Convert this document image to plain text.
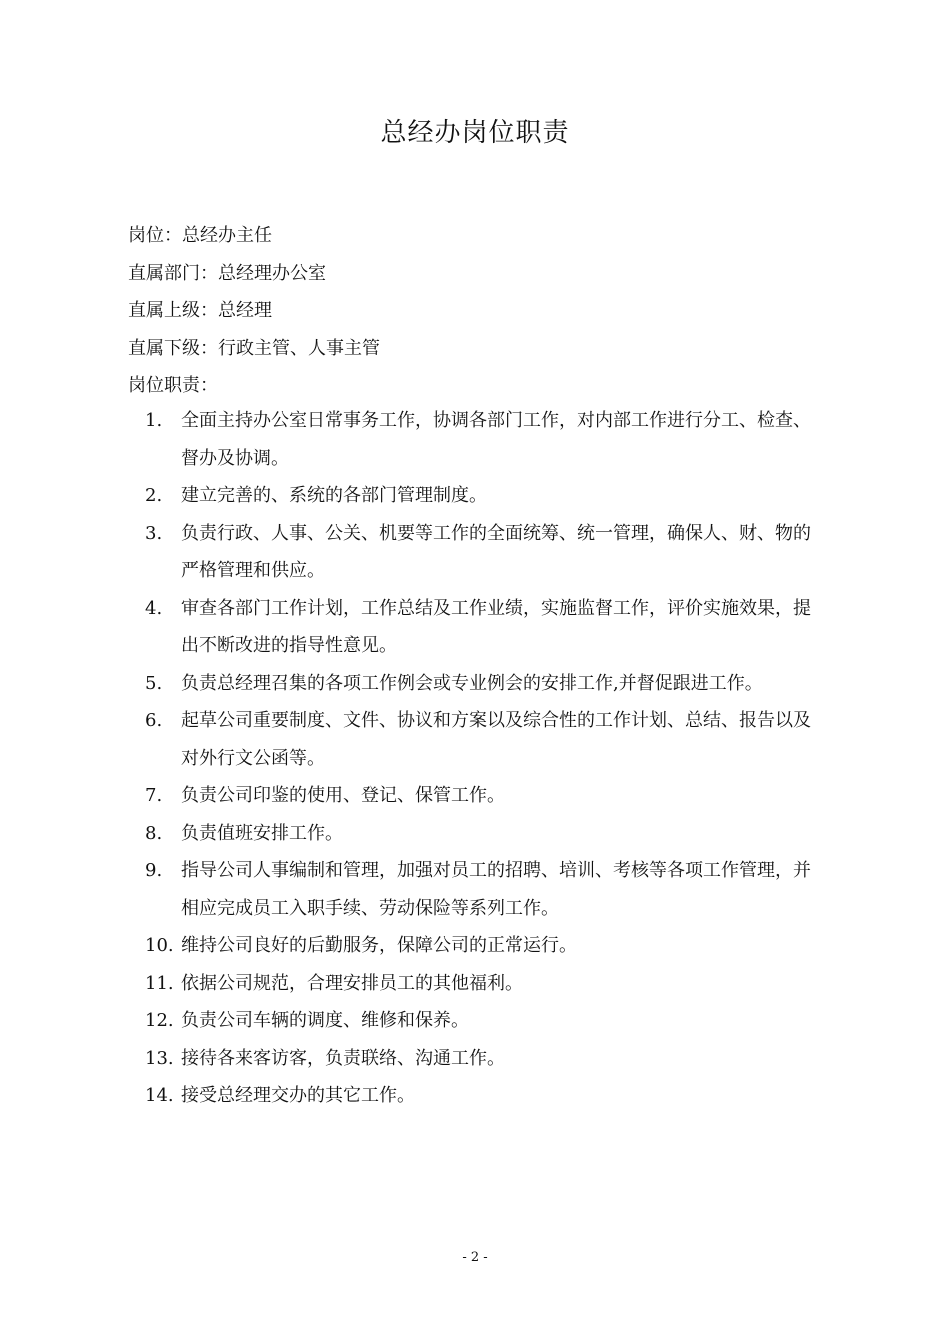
总经办岗位职责
岗位：总经办主任
直属部门：总经理办公室
直属上级：总经理
直属下级：行政主管、人事主管
岗位职责：
1. 全面主持办公室日常事务工作，协调各部门工作，对内部工作进行分工、检查、督办及协调。
2. 建立完善的、系统的各部门管理制度。
3. 负责行政、人事、公关、机要等工作的全面统筹、统一管理，确保人、财、物的严格管理和供应。
4. 审查各部门工作计划，工作总结及工作业绩，实施监督工作，评价实施效果，提出不断改进的指导性意见。
5. 负责总经理召集的各项工作例会或专业例会的安排工作,并督促跟进工作。
6. 起草公司重要制度、文件、协议和方案以及综合性的工作计划、总结、报告以及对外行文公函等。
7. 负责公司印鉴的使用、登记、保管工作。
8. 负责值班安排工作。
9. 指导公司人事编制和管理，加强对员工的招聘、培训、考核等各项工作管理，并相应完成员工入职手续、劳动保险等系列工作。
10. 维持公司良好的后勤服务，保障公司的正常运行。
11. 依据公司规范，合理安排员工的其他福利。
12. 负责公司车辆的调度、维修和保养。
13. 接待各来客访客，负责联络、沟通工作。
14. 接受总经理交办的其它工作。
- 2 -
